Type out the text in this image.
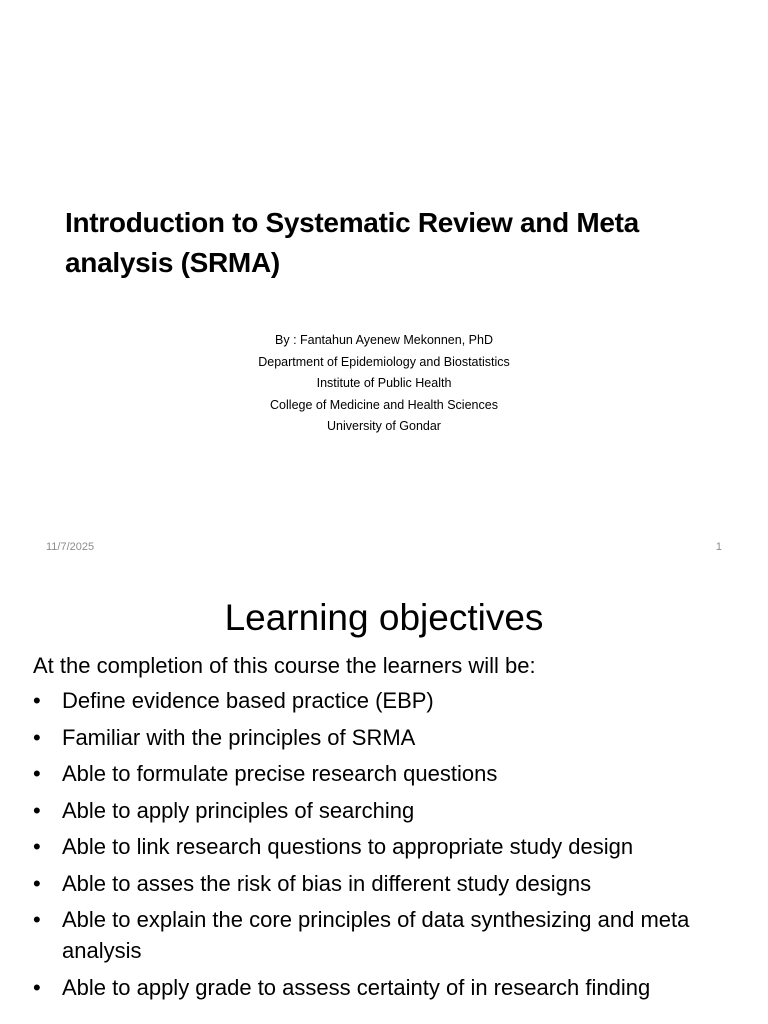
Introduction to Systematic Review and Meta analysis (SRMA)
By : Fantahun Ayenew Mekonnen, PhD
Department of Epidemiology and Biostatistics
Institute of Public Health
College of Medicine and Health Sciences
University of Gondar
11/7/2025	1
Learning objectives
At the completion of this course the learners will be:
• Define evidence based practice (EBP)
• Familiar with the principles of SRMA
• Able to formulate precise research questions
• Able to apply principles of searching
• Able to link research questions to appropriate study design
• Able to asses the risk of bias in different study designs
• Able to explain the core principles of data synthesizing and meta analysis
• Able to apply grade to assess certainty of in research finding
